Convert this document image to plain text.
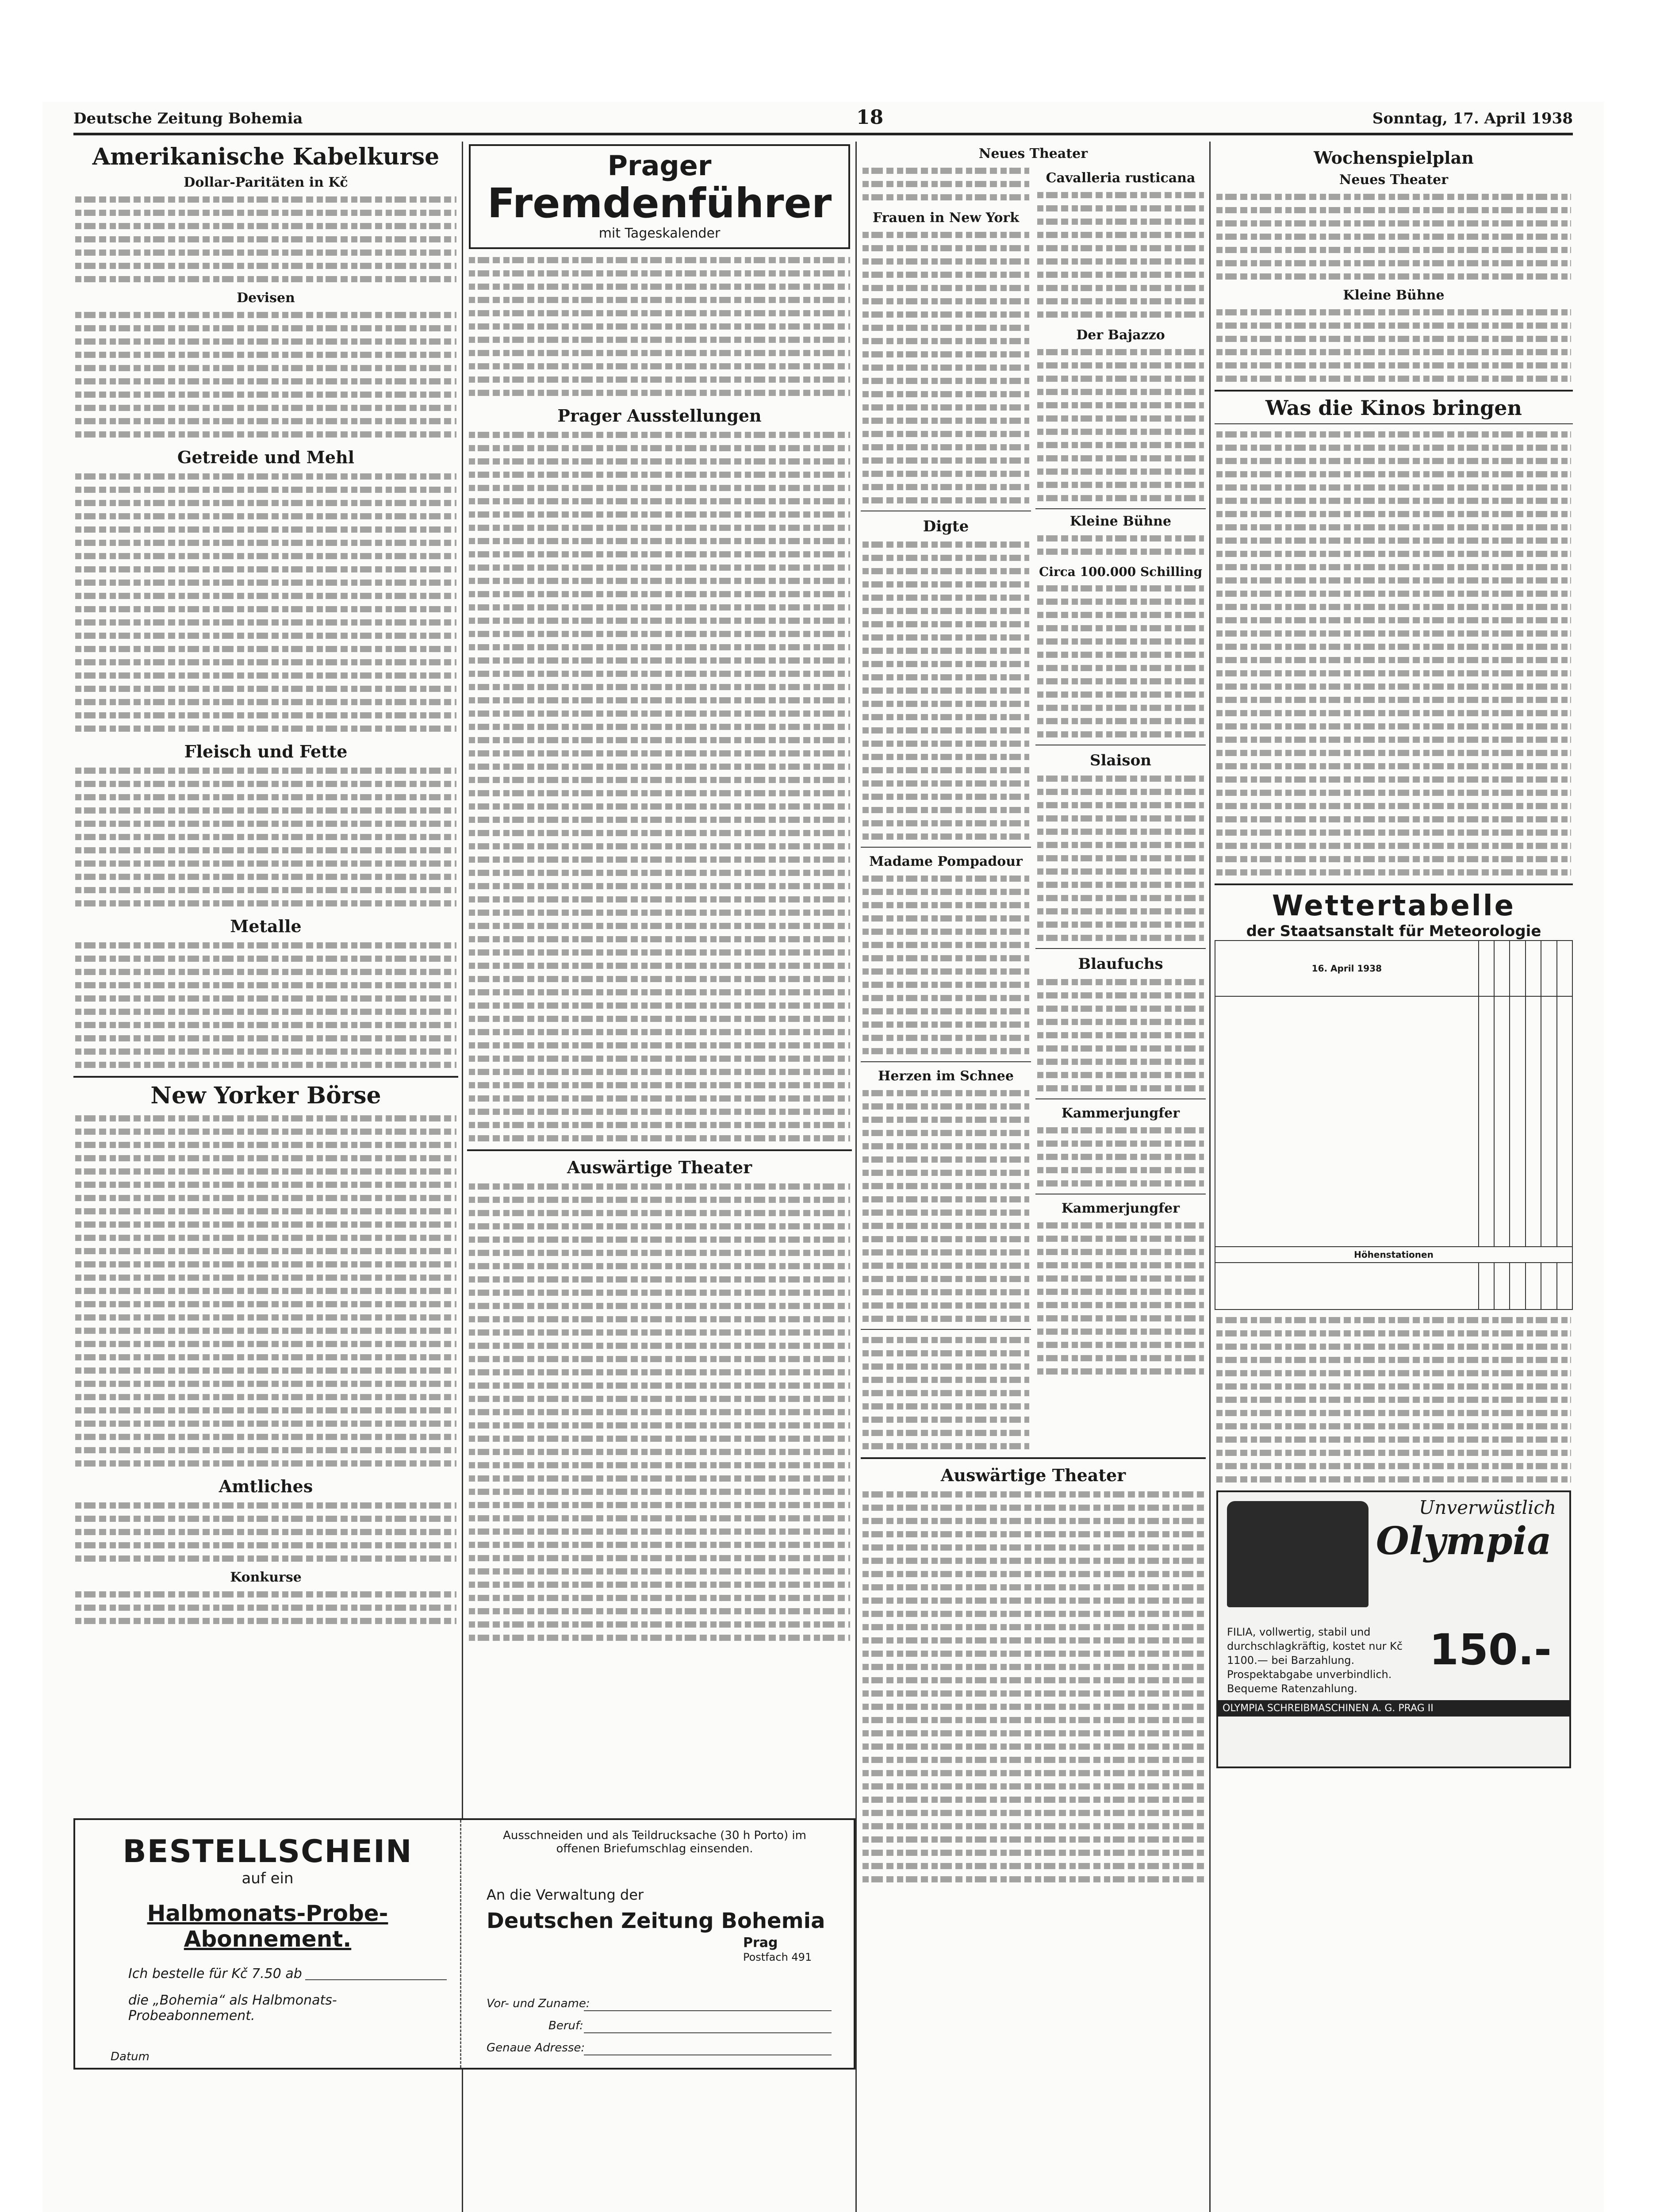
Deutsche Zeitung Bohemia	18	Sonntag, 17. April 1938
Amerikanische Kabelkurse
Dollar-Paritäten in Kč
Devisen
Getreide und Mehl
Fleisch und Fette
Metalle
New Yorker Börse
Amtliches
Konkurse
Prager
Fremdenführer
mit Tageskalender
Prager Ausstellungen
Auswärtige Theater
Neues Theater
Frauen in New York
Digte
Madame Pompadour
Herzen im Schnee
Cavalleria rusticana
Der Bajazzo
Kleine Bühne
Circa 100.000 Schilling
Slaison
Blaufuchs
Kammerjungfer
Kammerjungfer
Auswärtige Theater
Wochenspielplan
Neues Theater
Kleine Bühne
Was die Kinos bringen
Wettertabelle
der Staatsanstalt für Meteorologie
16. April 1938						

Höhenstationen						

Unverwüstlich
Olympia
FILIA, vollwertig, stabil und durchschlagkräftig, kostet nur Kč 1100.— bei Barzahlung. Prospektabgabe unverbindlich. Bequeme Ratenzahlung.
150.-
OLYMPIA SCHREIBMASCHINEN A. G. PRAG II
BESTELLSCHEIN
auf ein
Halbmonats-Probe-Abonnement.
Ich bestelle für Kč 7.50 ab
die „Bohemia“ als Halbmonats-Probeabonnement.
Datum
Ausschneiden und als Teildrucksache (30 h Porto) im offenen Briefumschlag einsenden.
An die Verwaltung der
Deutschen Zeitung Bohemia
Prag
Postfach 491
Vor- und Zuname:
Beruf:
Genaue Adresse:
